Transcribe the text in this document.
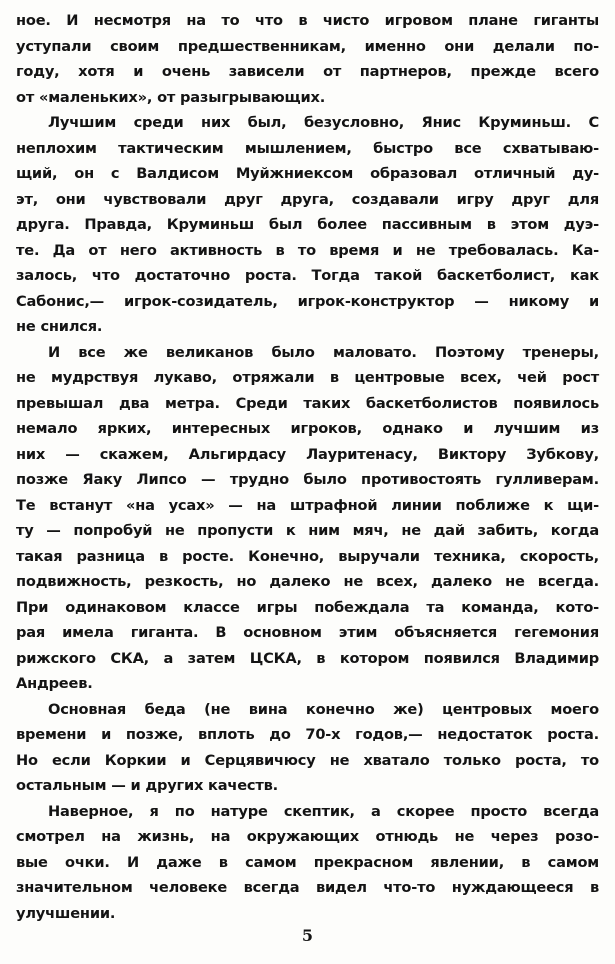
ное. И несмотря на то что в чисто игровом плане гиганты
уступали своим предшественникам, именно они делали по-
году, хотя и очень зависели от партнеров, прежде всего
от «маленьких», от разыгрывающих.
Лучшим среди них был, безусловно, Янис Круминьш. С
неплохим тактическим мышлением, быстро все схватываю-
щий, он с Валдисом Муйжниексом образовал отличный ду-
эт, они чувствовали друг друга, создавали игру друг для
друга. Правда, Круминьш был более пассивным в этом дуэ-
те. Да от него активность в то время и не требовалась. Ка-
залось, что достаточно роста. Тогда такой баскетболист, как
Сабонис,— игрок-созидатель, игрок-конструктор — никому и
не снился.
И все же великанов было маловато. Поэтому тренеры,
не мудрствуя лукаво, отряжали в центровые всех, чей рост
превышал два метра. Среди таких баскетболистов появилось
немало ярких, интересных игроков, однако и лучшим из
них — скажем, Альгирдасу Лауритенасу, Виктору Зубкову,
позже Яаку Липсо — трудно было противостоять гулливерам.
Те встанут «на усах» — на штрафной линии поближе к щи-
ту — попробуй не пропусти к ним мяч, не дай забить, когда
такая разница в росте. Конечно, выручали техника, скорость,
подвижность, резкость, но далеко не всех, далеко не всегда.
При одинаковом классе игры побеждала та команда, кото-
рая имела гиганта. В основном этим объясняется гегемония
рижского СКА, а затем ЦСКА, в котором появился Владимир
Андреев.
Основная беда (не вина конечно же) центровых моего
времени и позже, вплоть до 70-х годов,— недостаток роста.
Но если Коркии и Серцявичюсу не хватало только роста, то
остальным — и других качеств.
Наверное, я по натуре скептик, а скорее просто всегда
смотрел на жизнь, на окружающих отнюдь не через розо-
вые очки. И даже в самом прекрасном явлении, в самом
значительном человеке всегда видел что-то нуждающееся в
улучшении.
5
